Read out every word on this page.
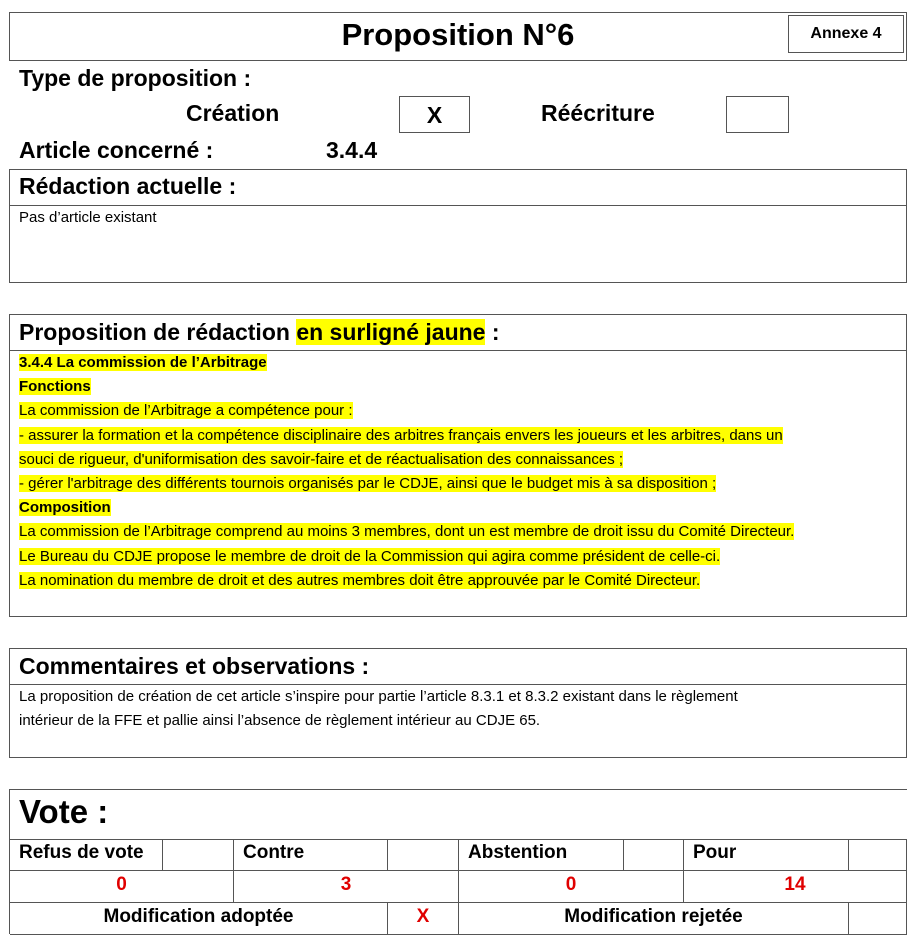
Proposition N°6	Annexe 4
Type de proposition :
Création	X	Réécriture
Article concerné :	3.4.4
Rédaction actuelle :
Pas d’article existant
Proposition de rédaction en surligné jaune :
3.4.4 La commission de l’Arbitrage
Fonctions
La commission de l’Arbitrage a compétence pour :
- assurer la formation et la compétence disciplinaire des arbitres français envers les joueurs et les arbitres, dans un
souci de rigueur, d'uniformisation des savoir-faire et de réactualisation des connaissances ;
- gérer l'arbitrage des différents tournois organisés par le CDJE, ainsi que le budget mis à sa disposition ;
Composition
La commission de l’Arbitrage comprend au moins 3 membres, dont un est membre de droit issu du Comité Directeur.
Le Bureau du CDJE propose le membre de droit de la Commission qui agira comme président de celle-ci.
La nomination du membre de droit et des autres membres doit être approuvée par le Comité Directeur.
Commentaires et observations :
La proposition de création de cet article s’inspire pour partie l’article 8.3.1 et 8.3.2 existant dans le règlement
intérieur de la FFE et pallie ainsi l’absence de règlement intérieur au CDJE 65.
Vote :
Refus de vote	Contre	Abstention	Pour
0	3	0	14
Modification adoptée	X	Modification rejetée
